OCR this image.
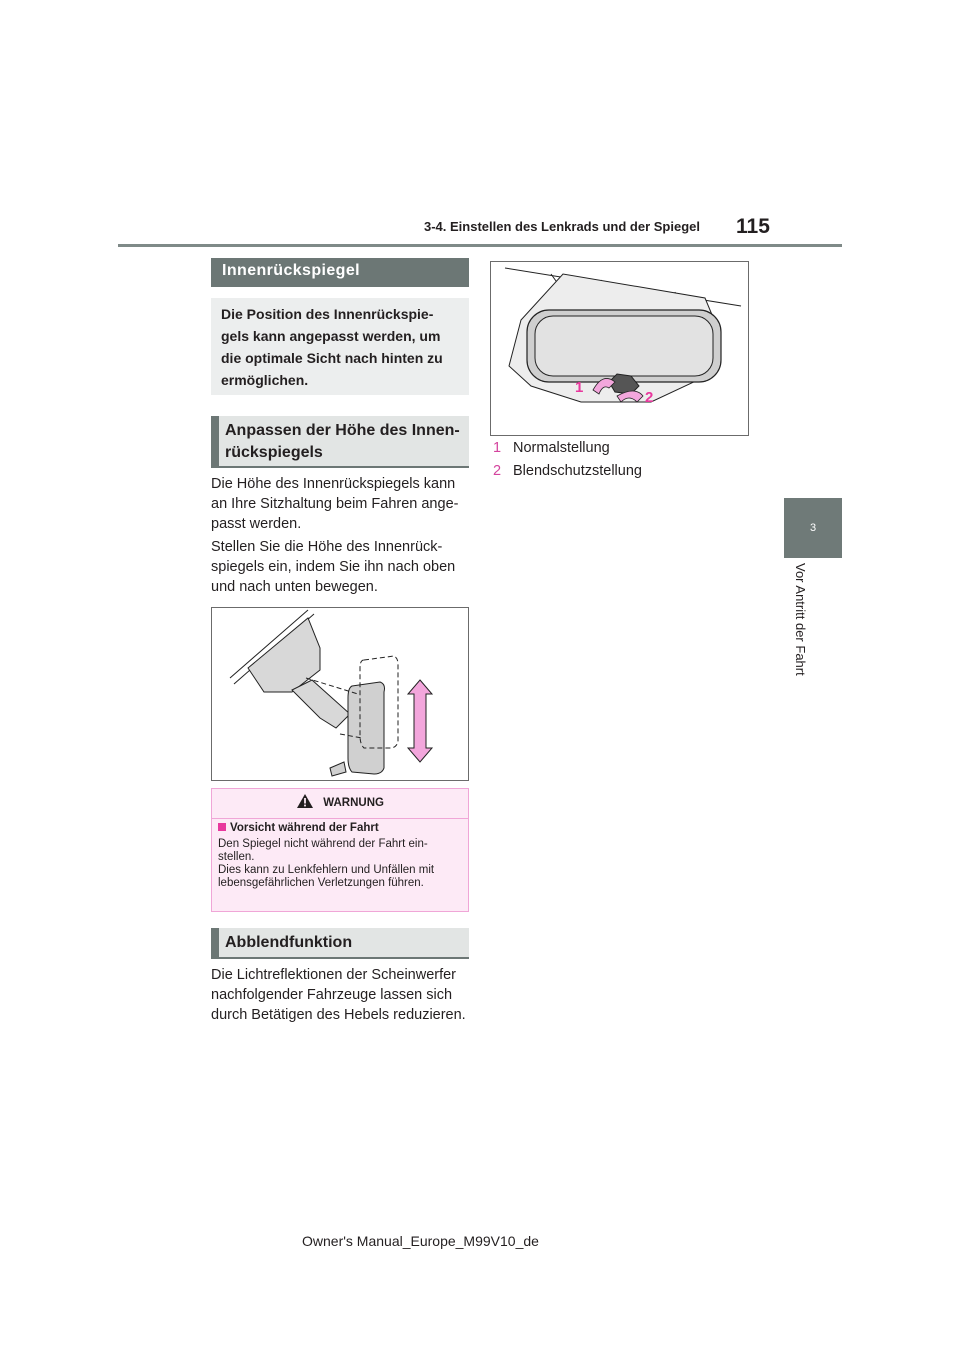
3-4. Einstellen des Lenkrads und der Spiegel 115
3
Vor Antritt der Fahrt
Innenrückspiegel
Die Position des Innenrückspie-
gels kann angepasst werden, um
die optimale Sicht nach hinten zu
ermöglichen.
Anpassen der Höhe des Innen-
rückspiegels
Die Höhe des Innenrückspiegels kann
an Ihre Sitzhaltung beim Fahren ange-
passt werden.
Stellen Sie die Höhe des Innenrück-
spiegels ein, indem Sie ihn nach oben
und nach unten bewegen.
WARNUNG
Vorsicht während der Fahrt
Den Spiegel nicht während der Fahrt ein-
stellen.
Dies kann zu Lenkfehlern und Unfällen mit
lebensgefährlichen Verletzungen führen.
Abblendfunktion
Die Lichtreflektionen der Scheinwerfer
nachfolgender Fahrzeuge lassen sich
durch Betätigen des Hebels reduzieren.
1
2
1 Normalstellung
2 Blendschutzstellung
Owner's Manual_Europe_M99V10_de
